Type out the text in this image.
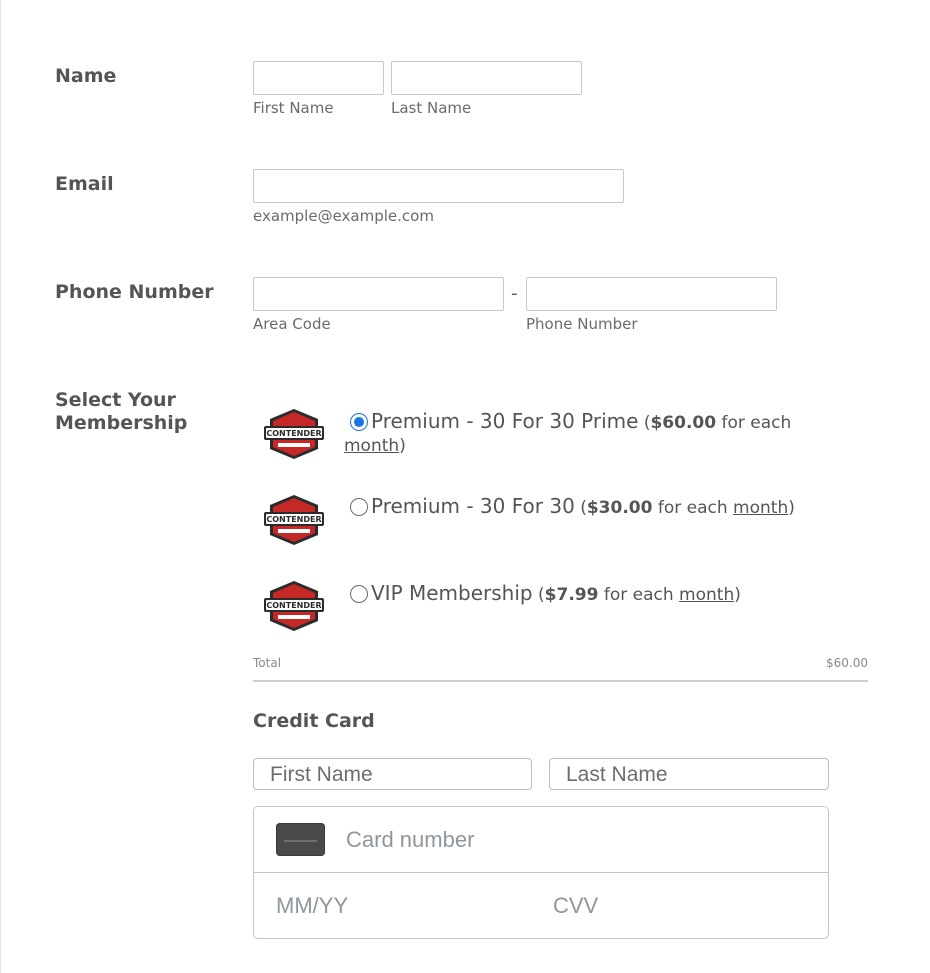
Name
First Name	Last Name
Email
example@example.com
Phone Number	-
Area Code	Phone Number
Select Your
Membership	CONTENDER
Premium - 30 For 30 Prime ($60.00 for each month)
CONTENDER
Premium - 30 For 30 ($30.00 for each month)
CONTENDER
VIP Membership ($7.99 for each month)
Total	$60.00
Credit Card
First Name	Last Name
Card number
MM/YY	CVV
